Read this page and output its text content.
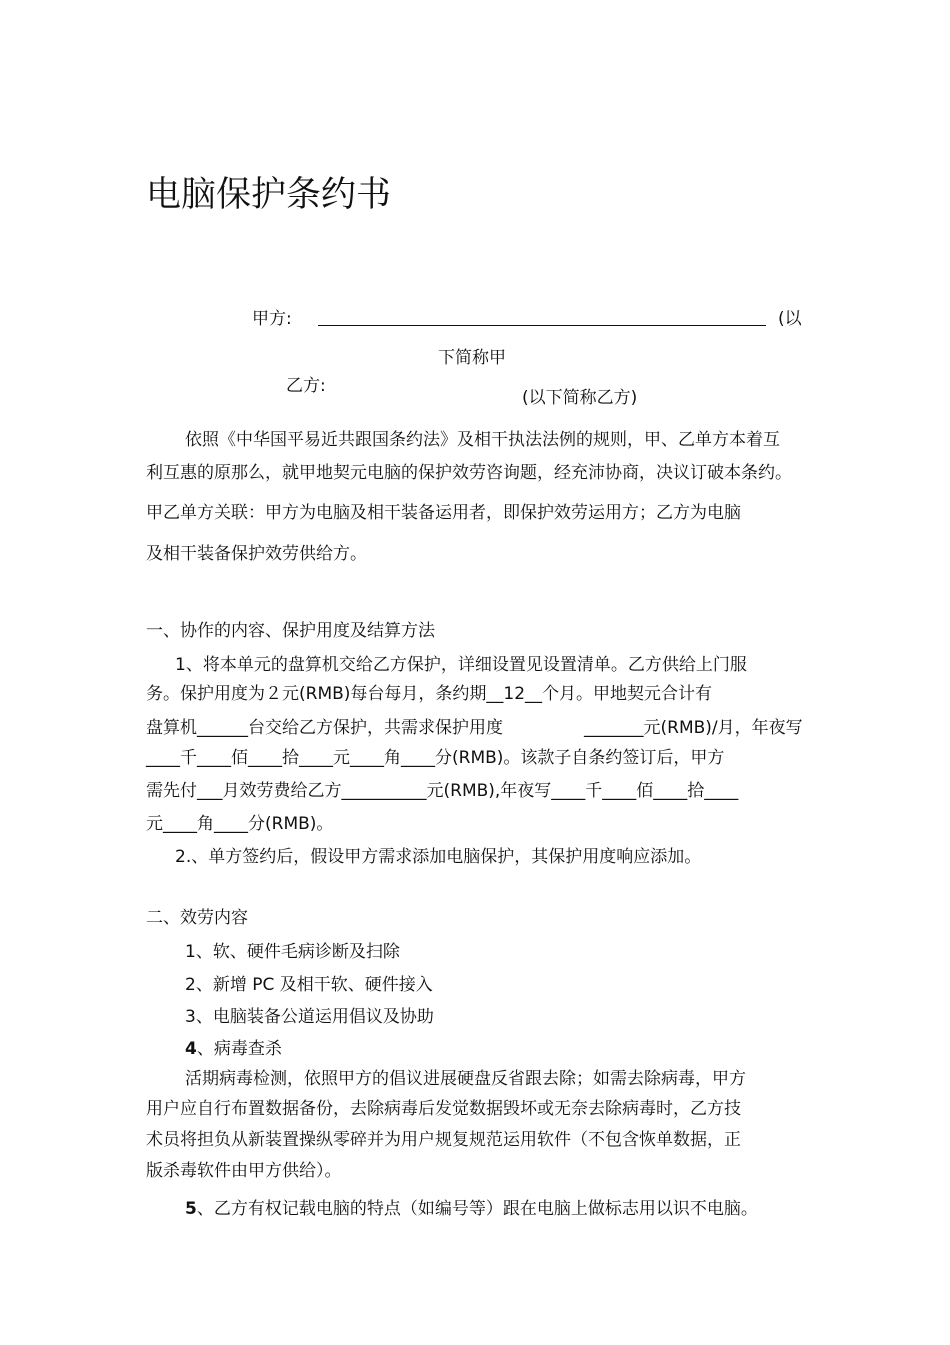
电脑保护条约书
甲方:	(以
下简称甲
乙方:
(以下简称乙方)
依照《中华国平易近共跟国条约法》及相干执法法例的规则，甲、乙单方本着互
利互惠的原那么，就甲地契元电脑的保护效劳咨询题，经充沛协商，决议订破本条约。
甲乙单方关联：甲方为电脑及相干装备运用者，即保护效劳运用方；乙方为电脑
及相干装备保护效劳供给方。
一、协作的内容、保护用度及结算方法
1、将本单元的盘算机交给乙方保护，详细设置见设置清单。乙方供给上门服
务。保护用度为２元(RMB)每台每月，条约期__12__个月。甲地契元合计有
盘算机______台交给乙方保护，共需求保护用度	_______元(RMB)/月，年夜写
____千____佰____拾____元____角____分(RMB)。该款子自条约签订后，甲方
需先付___月效劳费给乙方__________元(RMB),年夜写____千____佰____拾____
元____角____分(RMB)。
2.、单方签约后，假设甲方需求添加电脑保护，其保护用度响应添加。
二、效劳内容
1、软、硬件毛病诊断及扫除
2、新增 PC 及相干软、硬件接入
3、电脑装备公道运用倡议及协助
4、病毒查杀
活期病毒检测，依照甲方的倡议进展硬盘反省跟去除；如需去除病毒，甲方
用户应自行布置数据备份，去除病毒后发觉数据毁坏或无奈去除病毒时，乙方技
术员将担负从新装置操纵零碎并为用户规复规范运用软件（不包含恢单数据，正
版杀毒软件由甲方供给）。
5、乙方有权记载电脑的特点（如编号等）跟在电脑上做标志用以识不电脑。
